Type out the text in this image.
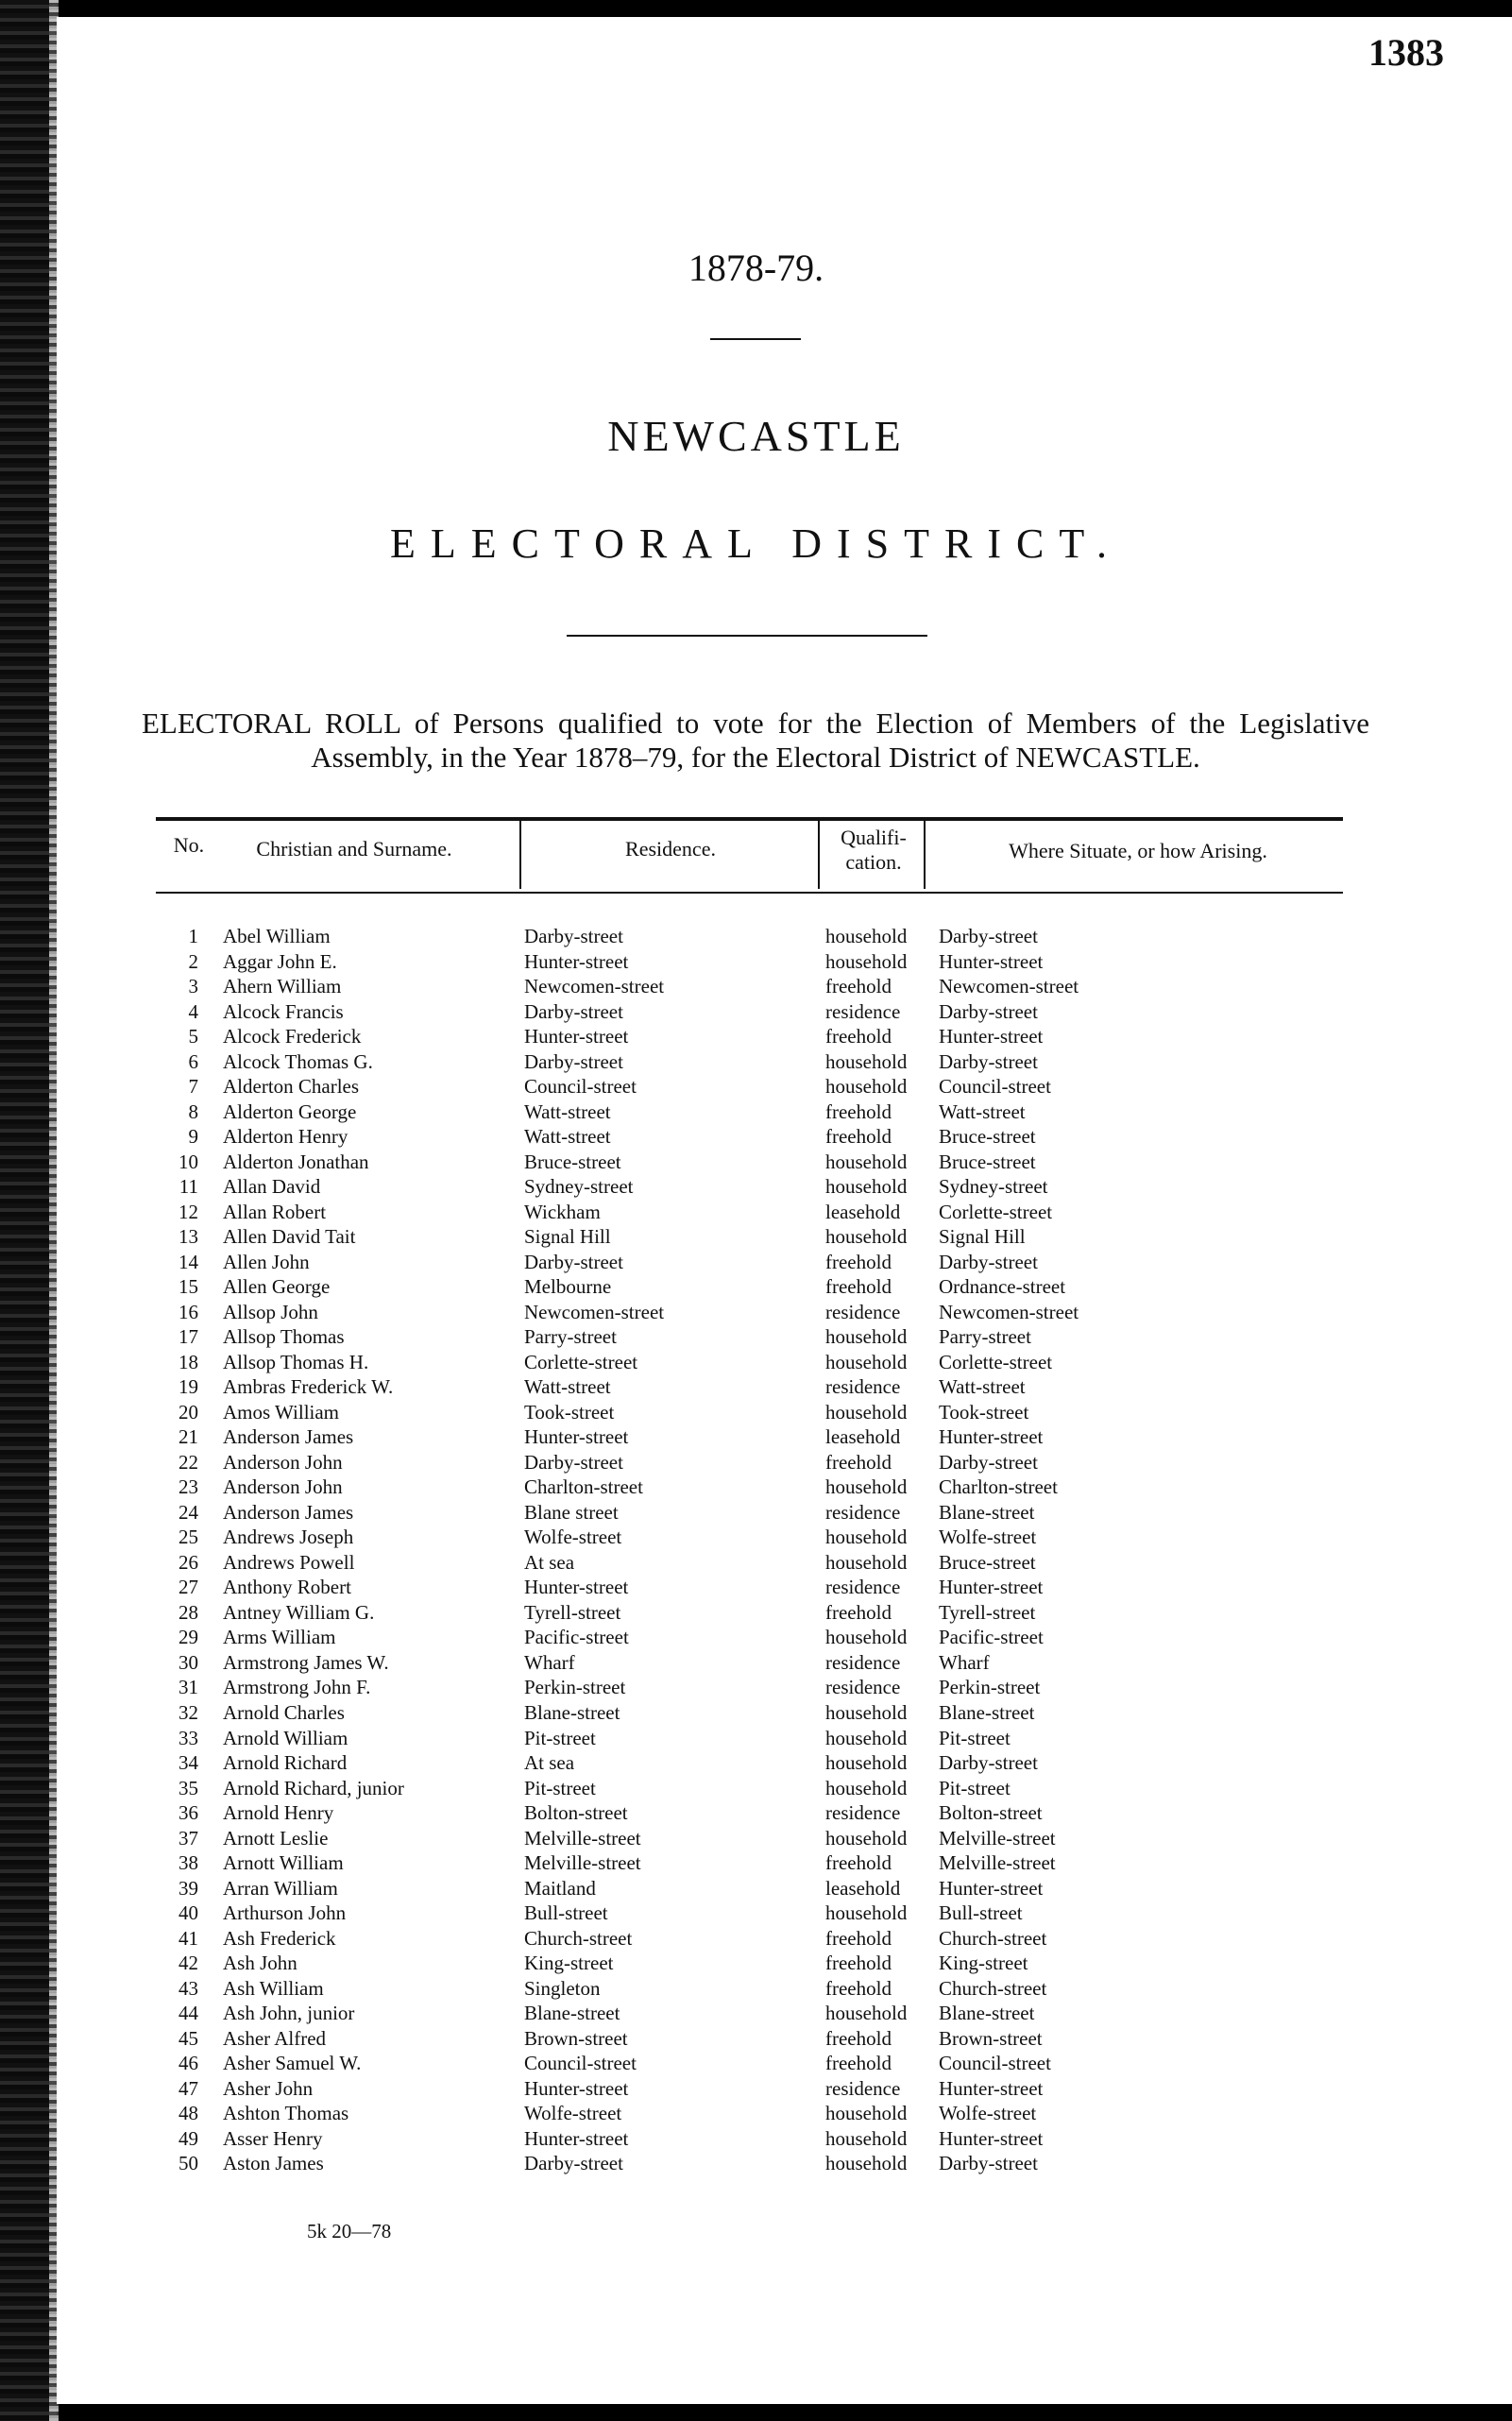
1383
1878-79.
NEWCASTLE
ELECTORAL DISTRICT.
ELECTORAL ROLL of Persons qualified to vote for the Election of Members of the Legislative Assembly, in the Year 1878–79, for the Electoral District of NEWCASTLE.
No.	Christian and Surname.	Residence.	Qualifi-cation.	Where Situate, or how Arising.
1 Abel William	Darby-street	household Darby-street
2 Aggar John E.	Hunter-street	household Hunter-street
3 Ahern William	Newcomen-street	freehold Newcomen-street
4 Alcock Francis	Darby-street	residence Darby-street
5 Alcock Frederick	Hunter-street	freehold Hunter-street
6 Alcock Thomas G.	Darby-street	household Darby-street
7 Alderton Charles	Council-street	household Council-street
8 Alderton George	Watt-street	freehold Watt-street
9 Alderton Henry	Watt-street	freehold Bruce-street
10 Alderton Jonathan	Bruce-street	household Bruce-street
11 Allan David	Sydney-street	household Sydney-street
12 Allan Robert	Wickham	leasehold Corlette-street
13 Allen David Tait	Signal Hill	household Signal Hill
14 Allen John	Darby-street	freehold Darby-street
15 Allen George	Melbourne	freehold Ordnance-street
16 Allsop John	Newcomen-street	residence Newcomen-street
17 Allsop Thomas	Parry-street	household Parry-street
18 Allsop Thomas H.	Corlette-street	household Corlette-street
19 Ambras Frederick W.	Watt-street	residence Watt-street
20 Amos William	Took-street	household Took-street
21 Anderson James	Hunter-street	leasehold Hunter-street
22 Anderson John	Darby-street	freehold Darby-street
23 Anderson John	Charlton-street	household Charlton-street
24 Anderson James	Blane street	residence Blane-street
25 Andrews Joseph	Wolfe-street	household Wolfe-street
26 Andrews Powell	At sea	household Bruce-street
27 Anthony Robert	Hunter-street	residence Hunter-street
28 Antney William G.	Tyrell-street	freehold Tyrell-street
29 Arms William	Pacific-street	household Pacific-street
30 Armstrong James W.	Wharf	residence Wharf
31 Armstrong John F.	Perkin-street	residence Perkin-street
32 Arnold Charles	Blane-street	household Blane-street
33 Arnold William	Pit-street	household Pit-street
34 Arnold Richard	At sea	household Darby-street
35 Arnold Richard, junior	Pit-street	household Pit-street
36 Arnold Henry	Bolton-street	residence Bolton-street
37 Arnott Leslie	Melville-street	household Melville-street
38 Arnott William	Melville-street	freehold Melville-street
39 Arran William	Maitland	leasehold Hunter-street
40 Arthurson John	Bull-street	household Bull-street
41 Ash Frederick	Church-street	freehold Church-street
42 Ash John	King-street	freehold King-street
43 Ash William	Singleton	freehold Church-street
44 Ash John, junior	Blane-street	household Blane-street
45 Asher Alfred	Brown-street	freehold Brown-street
46 Asher Samuel W.	Council-street	freehold Council-street
47 Asher John	Hunter-street	residence Hunter-street
48 Ashton Thomas	Wolfe-street	household Wolfe-street
49 Asser Henry	Hunter-street	household Hunter-street
50 Aston James	Darby-street	household Darby-street
5k 20—78
